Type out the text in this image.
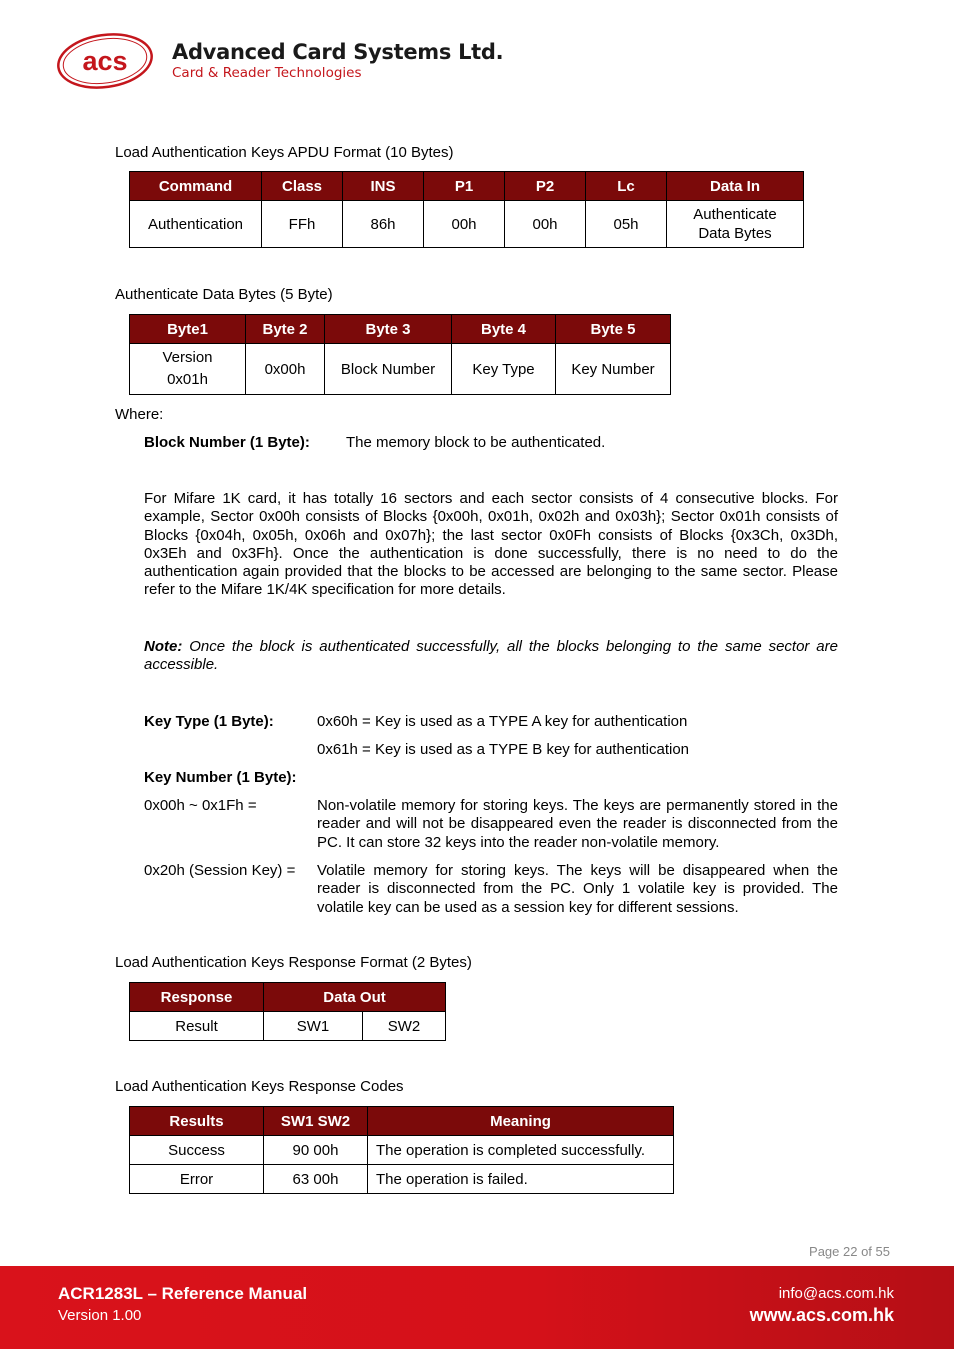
acs Advanced Card Systems Ltd.
Card & Reader Technologies
Load Authentication Keys APDU Format (10 Bytes)
Command	Class	INS	P1	P2	Lc	Data In
Authentication	FFh	86h	00h	00h	05h	Authenticate Data Bytes
Authenticate Data Bytes (5 Byte)
Byte1	Byte 2	Byte 3	Byte 4	Byte 5
Version 0x01h	0x00h	Block Number	Key Type	Key Number
Where:
Block Number (1 Byte): The memory block to be authenticated.
For Mifare 1K card, it has totally 16 sectors and each sector consists of 4 consecutive blocks. For example, Sector 0x00h consists of Blocks {0x00h, 0x01h, 0x02h and 0x03h}; Sector 0x01h consists of Blocks {0x04h, 0x05h, 0x06h and 0x07h}; the last sector 0x0Fh consists of Blocks {0x3Ch, 0x3Dh, 0x3Eh and 0x3Fh}. Once the authentication is done successfully, there is no need to do the authentication again provided that the blocks to be accessed are belonging to the same sector. Please refer to the Mifare 1K/4K specification for more details.
Note: Once the block is authenticated successfully, all the blocks belonging to the same sector are accessible.
Key Type (1 Byte):	0x60h = Key is used as a TYPE A key for authentication
0x61h = Key is used as a TYPE B key for authentication
Key Number (1 Byte):
0x00h ~ 0x1Fh =	Non-volatile memory for storing keys. The keys are permanently stored in the reader and will not be disappeared even the reader is disconnected from the PC. It can store 32 keys into the reader non-volatile memory.
0x20h (Session Key) = Volatile memory for storing keys. The keys will be disappeared when the reader is disconnected from the PC. Only 1 volatile key is provided. The volatile key can be used as a session key for different sessions.
Load Authentication Keys Response Format (2 Bytes)
Response	Data Out	
Result	SW1	SW2
Load Authentication Keys Response Codes
Results	SW1 SW2	Meaning
Success	90 00h	The operation is completed successfully.
Error	63 00h	The operation is failed.
Page 22 of 55
ACR1283L – Reference Manual
Version 1.00
info@acs.com.hk
www.acs.com.hk
